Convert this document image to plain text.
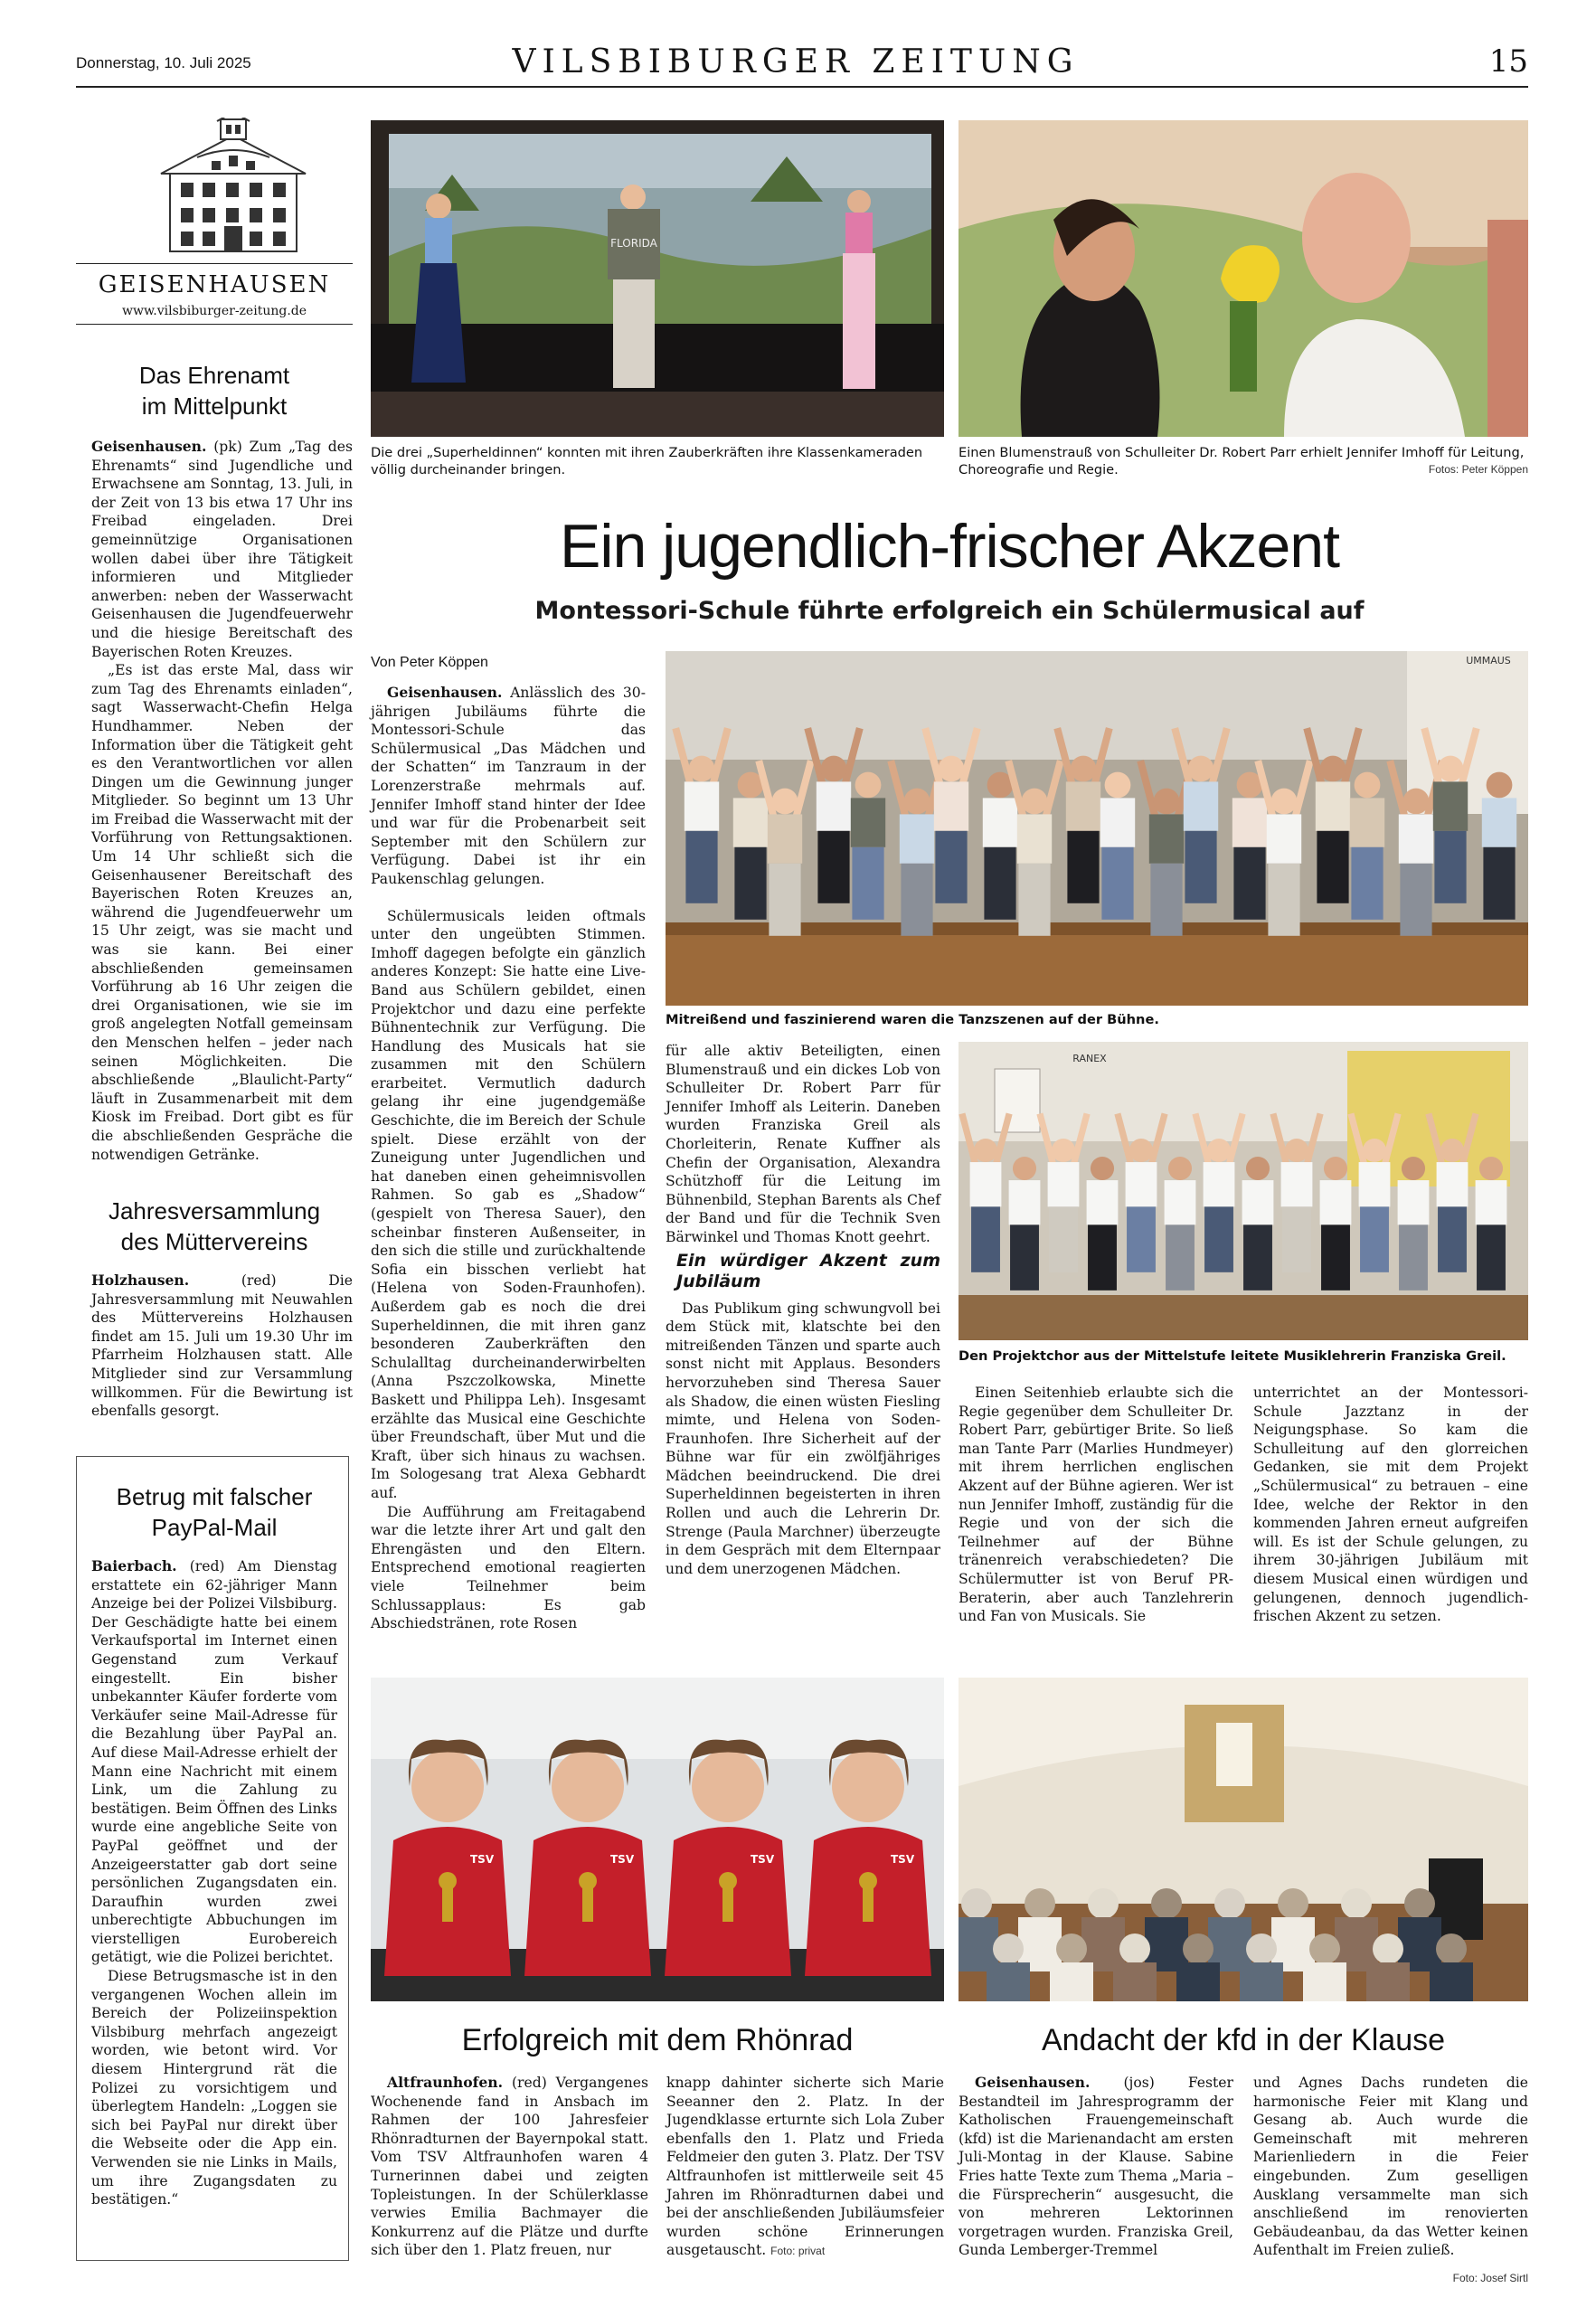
Donnerstag, 10. Juli 2025	VILSBIBURGER ZEITUNG	15
GEISENHAUSEN
www.vilsbiburger-zeitung.de
Das Ehrenamt
im Mittelpunkt

Geisenhausen. (pk) Zum „Tag des Ehrenamts“ sind Jugendliche und Erwachsene am Sonntag, 13. Juli, in der Zeit von 13 bis etwa 17 Uhr ins Freibad eingeladen. Drei gemeinnützige Organisationen wollen dabei über ihre Tätigkeit informieren und Mitglieder anwerben: neben der Wasserwacht Geisenhausen die Jugendfeuerwehr und die hiesige Bereitschaft des Bayerischen Roten Kreuzes.

„Es ist das erste Mal, dass wir zum Tag des Ehrenamts einladen“, sagt Wasserwacht-Chefin Helga Hundhammer. Neben der Information über die Tätigkeit geht es den Verantwortlichen vor allen Dingen um die Gewinnung junger Mitglieder. So beginnt um 13 Uhr im Freibad die Wasserwacht mit der Vorführung von Rettungsaktionen. Um 14 Uhr schließt sich die Geisenhausener Bereitschaft des Bayerischen Roten Kreuzes an, während die Jugendfeuerwehr um 15 Uhr zeigt, was sie macht und was sie kann. Bei einer abschließenden gemeinsamen Vorführung ab 16 Uhr zeigen die drei Organisationen, wie sie im groß angelegten Notfall gemeinsam den Menschen helfen – jeder nach seinen Möglichkeiten. Die abschließende „Blaulicht-Party“ läuft in Zusammenarbeit mit dem Kiosk im Freibad. Dort gibt es für die abschließenden Gespräche die notwendigen Getränke.

Jahresversammlung
des Müttervereins

Holzhausen.	(red) Die Jahresversammlung mit Neuwahlen des Müttervereins Holzhausen findet am 15. Juli um 19.30 Uhr im Pfarrheim Holzhausen statt. Alle Mitglieder sind zur Versammlung willkommen. Für die Bewirtung ist ebenfalls gesorgt.

Betrug mit falscher
PayPal-Mail

Baierbach. (red) Am Dienstag erstattete ein 62-jähriger Mann Anzeige bei der Polizei Vilsbiburg. Der Geschädigte hatte bei einem Verkaufsportal im Internet einen Gegenstand zum Verkauf eingestellt. Ein bisher unbekannter Käufer forderte vom Verkäufer seine Mail-Adresse für die Bezahlung über PayPal an. Auf diese Mail-Adresse erhielt der Mann eine Nachricht mit einem Link, um die Zahlung zu bestätigen. Beim Öffnen des Links wurde eine angebliche Seite von PayPal geöffnet und der Anzeigeerstatter gab dort seine persönlichen Zugangsdaten ein. Daraufhin wurden zwei unberechtigte Abbuchungen im vierstelligen Eurobereich getätigt, wie die Polizei berichtet.

Diese Betrugsmasche ist in den vergangenen Wochen allein im Bereich der Polizeiinspektion Vilsbiburg mehrfach angezeigt worden, wie betont wird. Vor diesem Hintergrund rät die Polizei zu vorsichtigem und überlegtem Handeln: „Loggen sie sich bei PayPal nur direkt über die Webseite oder die App ein. Verwenden sie nie Links in Mails, um ihre Zugangsdaten zu bestätigen.“

FLORIDA
Die drei „Superheldinnen“ konnten mit ihren Zauberkräften ihre Klassenkameraden völlig durcheinander bringen.
Einen Blumenstrauß von Schulleiter Dr. Robert Parr erhielt Jennifer Imhoff für Leitung, Choreografie und Regie.	Fotos: Peter Köppen
Ein jugendlich-frischer Akzent
Montessori-Schule führte erfolgreich ein Schülermusical auf
Von Peter Köppen

Geisenhausen. Anlässlich des 30-jährigen Jubiläums führte die Montessori-Schule das Schülermusical „Das Mädchen und der Schatten“ im Tanzraum in der Lorenzerstraße mehrmals auf. Jennifer Imhoff stand hinter der Idee und war für die Probenarbeit seit September mit den Schülern zur Verfügung. Dabei ist ihr ein Paukenschlag gelungen.

Schülermusicals leiden oftmals unter den ungeübten Stimmen. Imhoff dagegen befolgte ein gänzlich anderes Konzept: Sie hatte eine Live-Band aus Schülern gebildet, einen Projektchor und dazu eine perfekte Bühnentechnik zur Verfügung. Die Handlung des Musicals hat sie zusammen mit den Schülern erarbeitet. Vermutlich dadurch gelang ihr eine jugendgemäße Geschichte, die im Bereich der Schule spielt. Diese erzählt von der Zuneigung unter Jugendlichen und hat daneben einen geheimnisvollen Rahmen. So gab es „Shadow“ (gespielt von Theresa Sauer), den scheinbar finsteren Außenseiter, in den sich die stille und zurückhaltende Sofia ein bisschen verliebt hat (Helena von Soden-Fraunhofen). Außerdem gab es noch die drei Superheldinnen, die mit ihren ganz besonderen Zauberkräften den Schulalltag durcheinanderwirbelten (Anna Pszczolkowska, Minette Baskett und Philippa Leh). Insgesamt erzählte das Musical eine Geschichte über Freundschaft, über Mut und die Kraft, über sich hinaus zu wachsen. Im Sologesang trat Alexa Gebhardt auf.

Die Aufführung am Freitagabend war die letzte ihrer Art und galt den Ehrengästen und den Eltern. Entsprechend emotional reagierten viele Teilnehmer beim Schlussapplaus: Es gab Abschiedstränen, rote Rosen

UMMAUS
Mitreißend und faszinierend waren die Tanzszenen auf der Bühne.

für alle aktiv Beteiligten, einen Blumenstrauß und ein dickes Lob von Schulleiter Dr. Robert Parr für Jennifer Imhoff als Leiterin. Daneben wurden Franziska Greil als Chorleiterin, Renate Kuffner als Chefin der Organisation, Alexandra Schützhoff für die Leitung im Bühnenbild, Stephan Barents als Chef der Band und für die Technik Sven Bärwinkel und Thomas Knott geehrt.

Ein würdiger Akzent zum Jubiläum

Das Publikum ging schwungvoll bei dem Stück mit, klatschte bei den mitreißenden Tänzen und sparte auch sonst nicht mit Applaus. Besonders hervorzuheben sind Theresa Sauer als Shadow, die einen wüsten Fiesling mimte, und Helena von Soden-Fraunhofen. Ihre Sicherheit auf der Bühne war für ein zwölfjähriges Mädchen beeindruckend. Die drei Superheldinnen begeisterten in ihren Rollen und auch die Lehrerin Dr. Strenge (Paula Marchner) überzeugte in dem Gespräch mit dem Elternpaar und dem unerzogenen Mädchen.

RANEX
Den Projektchor aus der Mittelstufe leitete Musiklehrerin Franziska Greil.

Einen Seitenhieb erlaubte sich die Regie gegenüber dem Schulleiter Dr. Robert Parr, gebürtiger Brite. So ließ man Tante Parr (Marlies Hundmeyer) mit ihrem herrlichen englischen Akzent auf der Bühne agieren. Wer ist nun Jennifer Imhoff, zuständig für die Regie und von der sich die Teilnehmer auf der Bühne tränenreich verabschiedeten? Die Schülermutter ist von Beruf PR-Beraterin, aber auch Tanzlehrerin und Fan von Musicals. Sie

unterrichtet an der Montessori-Schule Jazztanz in der Neigungsphase. So kam die Schulleitung auf den glorreichen Gedanken, sie mit dem Projekt „Schülermusical“ zu betrauen – eine Idee, welche der Rektor in den kommenden Jahren erneut aufgreifen will. Es ist der Schule gelungen, zu ihrem 30-jährigen Jubiläum mit diesem Musical einen würdigen und gelungenen, dennoch jugendlich-frischen Akzent zu setzen.

TSV	TSV	TSV	TSV
Erfolgreich mit dem Rhönrad

Altfraunhofen. (red) Vergangenes Wochenende fand in Ansbach im Rahmen der 100 Jahresfeier Rhönradturnen der Bayernpokal statt. Vom TSV Altfraunhofen waren 4 Turnerinnen dabei und zeigten Topleistungen. In der Schülerklasse verwies Emilia Bachmayer die Konkurrenz auf die Plätze und durfte sich über den 1. Platz freuen, nur

knapp dahinter sicherte sich Marie Seeanner den 2. Platz. In der Jugendklasse erturnte sich Lola Zuber ebenfalls den 1. Platz und Frieda Feldmeier den guten 3. Platz. Der TSV Altfraunhofen ist mittlerweile seit 45 Jahren im Rhönradturnen dabei und bei der anschließenden Jubiläumsfeier wurden schöne Erinnerungen ausgetauscht. Foto: privat

Andacht der kfd in der Klause

Geisenhausen. (jos) Fester Bestandteil im Jahresprogramm der Katholischen Frauengemeinschaft (kfd) ist die Marienandacht am ersten Juli-Montag in der Klause. Sabine Fries hatte Texte zum Thema „Maria – die Fürsprecherin“ ausgesucht, die von mehreren Lektorinnen vorgetragen wurden. Franziska Greil, Gunda Lemberger-Tremmel

und Agnes Dachs rundeten die harmonische Feier mit Klang und Gesang ab. Auch wurde die Gemeinschaft mit mehreren Marienliedern in die Feier eingebunden. Zum geselligen Ausklang versammelte man sich anschließend im renovierten Gebäudeanbau, da das Wetter keinen Aufenthalt im Freien zuließ.

Foto: Josef Sirtl
